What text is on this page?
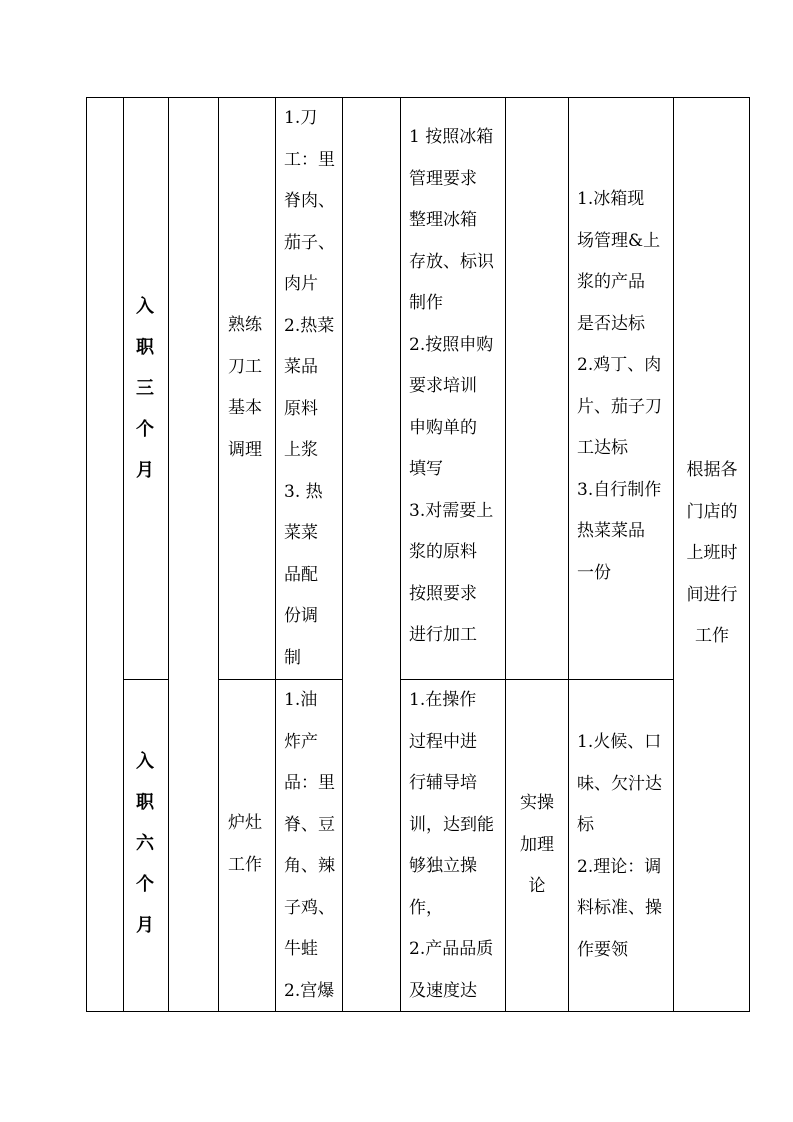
入
职
三
个
月
熟练
刀工
基本
调理
1.刀
工：里
脊肉、
茄子、
肉片
2.热菜
菜品
原料
上浆
3. 热
菜菜
品配
份调
制
1 按照冰箱
管理要求
整理冰箱
存放、标识
制作
2.按照申购
要求培训
申购单的
填写
3.对需要上
浆的原料
按照要求
进行加工
1.冰箱现
场管理&上
浆的产品
是否达标
2.鸡丁、肉
片、茄子刀
工达标
3.自行制作
热菜菜品
一份
根据各
门店的
上班时
间进行
工作
入
职
六
个
月
炉灶
工作
1.油
炸产
品：里
脊、豆
角、辣
子鸡、
牛蛙
2.宫爆
1.在操作
过程中进
行辅导培
训，达到能
够独立操
作，
2.产品品质
及速度达
实操
加理
论
1.火候、口
味、欠汁达
标
2.理论：调
料标准、操
作要领
